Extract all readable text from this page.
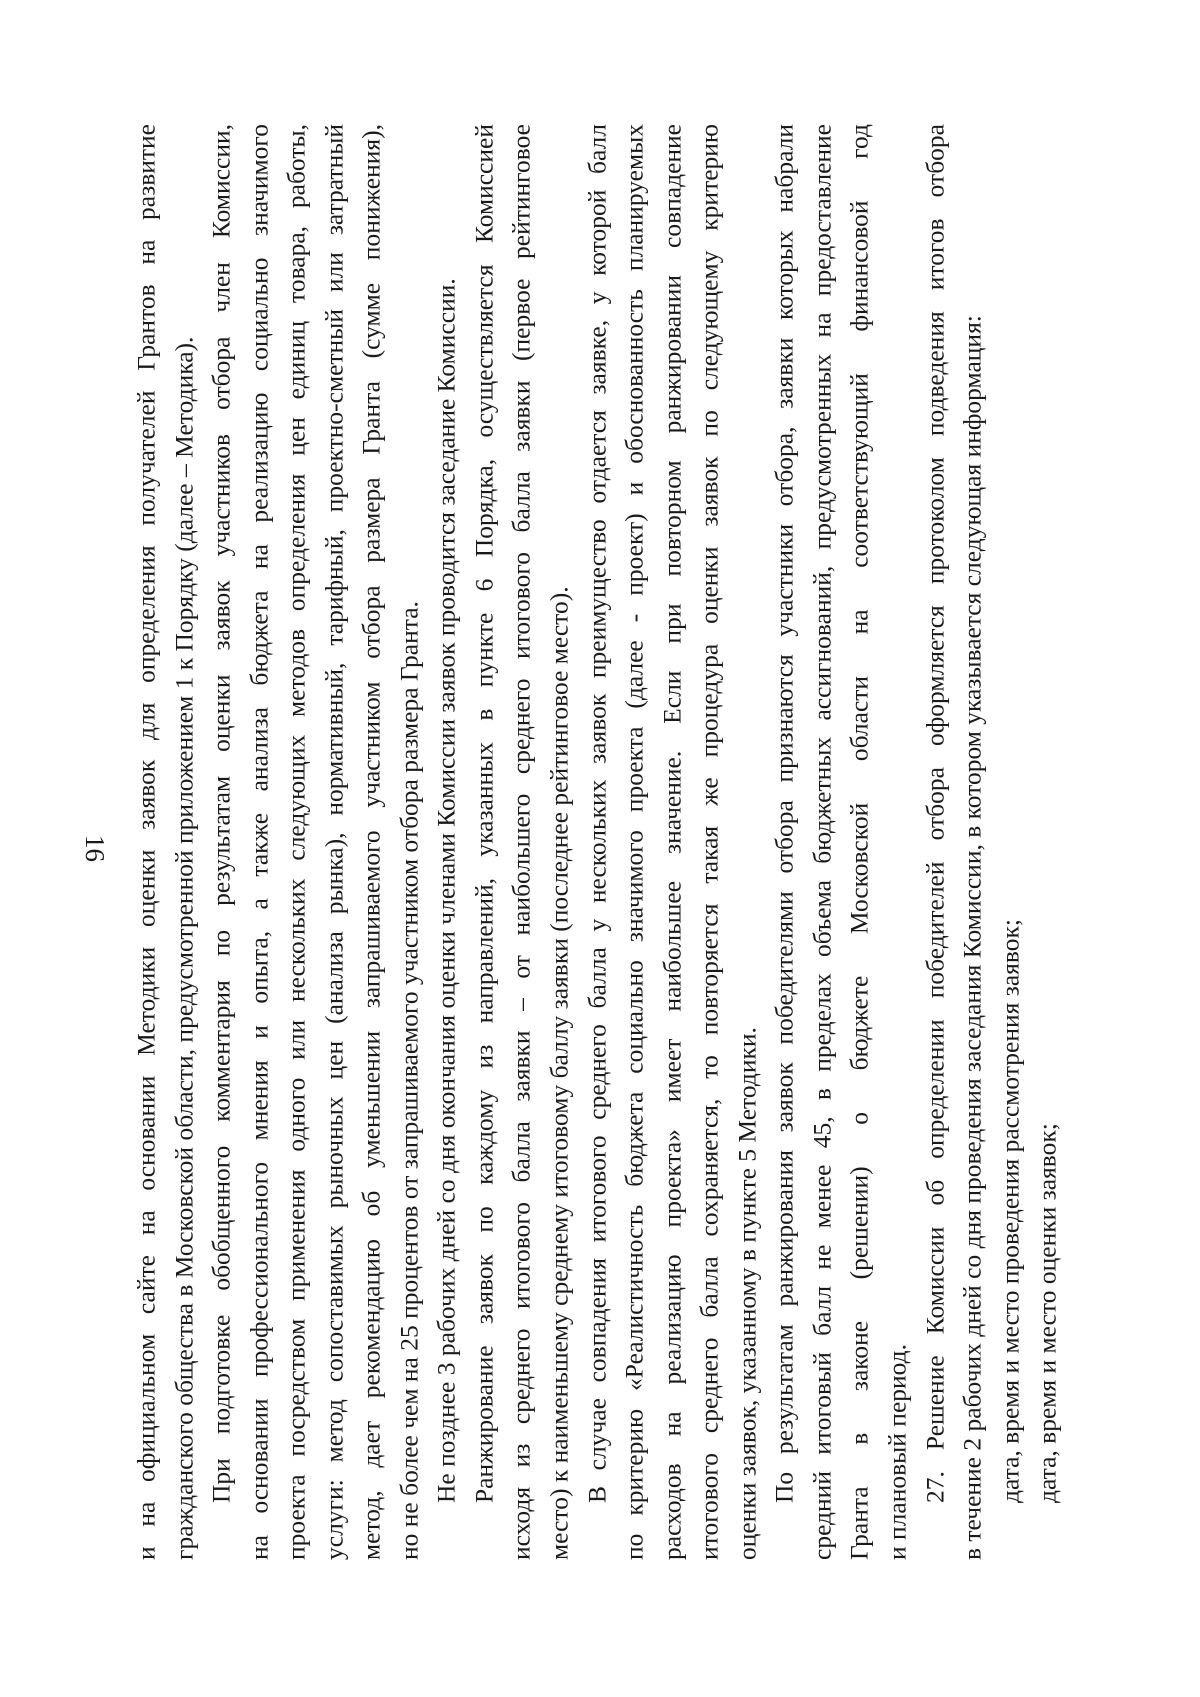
16 и на официальном сайте на основании Методики оценки заявок для определения получателей Грантов на развитие гражданского общества в Московской области, предусмотренной приложением 1 к Порядку (далее – Методика). При подготовке обобщенного комментария по результатам оценки заявок участников отбора член Комиссии, на основании профессионального мнения и опыта, а также анализа бюджета на реализацию социально значимого проекта посредством применения одного или нескольких следующих методов определения цен единиц товара, работы, услуги: метод сопоставимых рыночных цен (анализа рынка), нормативный, тарифный, проектно-сметный или затратный метод, дает рекомендацию об уменьшении запрашиваемого участником отбора размера Гранта (сумме понижения), но не более чем на 25 процентов от запрашиваемого участником отбора размера Гранта. Не позднее 3 рабочих дней со дня окончания оценки членами Комиссии заявок проводится заседание Комиссии. Ранжирование заявок по каждому из направлений, указанных в пункте 6 Порядка, осуществляется Комиссией исходя из среднего итогового балла заявки – от наибольшего среднего итогового балла заявки (первое рейтинговое место) к наименьшему среднему итоговому баллу заявки (последнее рейтинговое место). В случае совпадения итогового среднего балла у нескольких заявок преимущество отдается заявке, у которой балл по критерию «Реалистичность бюджета социально значимого проекта (далее - проект) и обоснованность планируемых расходов на реализацию проекта» имеет наибольшее значение. Если при повторном ранжировании совпадение итогового среднего балла сохраняется, то повторяется такая же процедура оценки заявок по следующему критерию оценки заявок, указанному в пункте 5 Методики. По результатам ранжирования заявок победителями отбора признаются участники отбора, заявки которых набрали средний итоговый балл не менее 45, в пределах объема бюджетных ассигнований, предусмотренных на предоставление Гранта в законе (решении) о бюджете Московской области на соответствующий финансовой год и плановый период. 27. Решение Комиссии об определении победителей отбора оформляется протоколом подведения итогов отбора в течение 2 рабочих дней со дня проведения заседания Комиссии, в котором указывается следующая информация: дата, время и место проведения рассмотрения заявок; дата, время и место оценки заявок;
